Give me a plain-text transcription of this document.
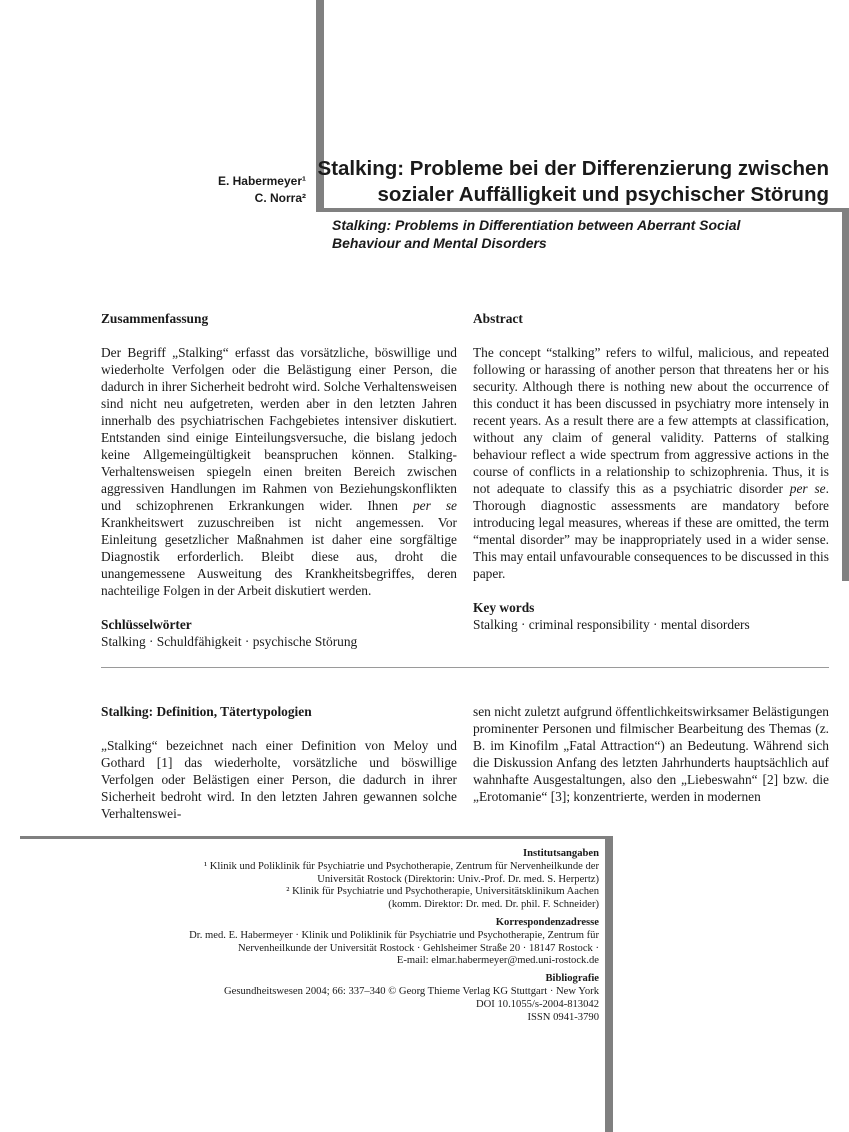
E. Habermeyer¹
C. Norra²
Stalking: Probleme bei der Differenzierung zwischen sozialer Auffälligkeit und psychischer Störung
Stalking: Problems in Differentiation between Aberrant Social Behaviour and Mental Disorders
Zusammenfassung

Der Begriff „Stalking“ erfasst das vorsätzliche, böswillige und wiederholte Verfolgen oder die Belästigung einer Person, die dadurch in ihrer Sicherheit bedroht wird. Solche Verhaltensweisen sind nicht neu aufgetreten, werden aber in den letzten Jahren innerhalb des psychiatrischen Fachgebietes intensiver diskutiert. Entstanden sind einige Einteilungsversuche, die bislang jedoch keine Allgemeingültigkeit beanspruchen können. Stalking-Verhaltensweisen spiegeln einen breiten Bereich zwischen aggressiven Handlungen im Rahmen von Beziehungskonflikten und schizophrenen Erkrankungen wider. Ihnen per se Krankheitswert zuzuschreiben ist nicht angemessen. Vor Einleitung gesetzlicher Maßnahmen ist daher eine sorgfältige Diagnostik erforderlich. Bleibt diese aus, droht die unangemessene Ausweitung des Krankheitsbegriffes, deren nachteilige Folgen in der Arbeit diskutiert werden.

Schlüsselwörter

Stalking · Schuldfähigkeit · psychische Störung

Abstract

The concept “stalking” refers to wilful, malicious, and repeated following or harassing of another person that threatens her or his security. Although there is nothing new about the occurrence of this conduct it has been discussed in psychiatry more intensely in recent years. As a result there are a few attempts at classification, without any claim of general validity. Patterns of stalking behaviour reflect a wide spectrum from aggressive actions in the course of conflicts in a relationship to schizophrenia. Thus, it is not adequate to classify this as a psychiatric disorder per se. Thorough diagnostic assessments are mandatory before introducing legal measures, whereas if these are omitted, the term “mental disorder” may be inappropriately used in a wider sense. This may entail unfavourable consequences to be discussed in this paper.

Key words

Stalking · criminal responsibility · mental disorders

Stalking: Definition, Tätertypologien

„Stalking“ bezeichnet nach einer Definition von Meloy und Gothard [1] das wiederholte, vorsätzliche und böswillige Verfolgen oder Belästigen einer Person, die dadurch in ihrer Sicherheit bedroht wird. In den letzten Jahren gewannen solche Verhaltenswei-

sen nicht zuletzt aufgrund öffentlichkeitswirksamer Belästigungen prominenter Personen und filmischer Bearbeitung des Themas (z. B. im Kinofilm „Fatal Attraction“) an Bedeutung. Während sich die Diskussion Anfang des letzten Jahrhunderts hauptsächlich auf wahnhafte Ausgestaltungen, also den „Liebeswahn“ [2] bzw. die „Erotomanie“ [3]; konzentrierte, werden in modernen

Institutsangaben
¹ Klinik und Poliklinik für Psychiatrie und Psychotherapie, Zentrum für Nervenheilkunde der
Universität Rostock (Direktorin: Univ.-Prof. Dr. med. S. Herpertz)
² Klinik für Psychiatrie und Psychotherapie, Universitätsklinikum Aachen
(komm. Direktor: Dr. med. Dr. phil. F. Schneider)
Korrespondenzadresse
Dr. med. E. Habermeyer · Klinik und Poliklinik für Psychiatrie und Psychotherapie, Zentrum für
Nervenheilkunde der Universität Rostock · Gehlsheimer Straße 20 · 18147 Rostock ·
E-mail: elmar.habermeyer@med.uni-rostock.de
Bibliografie
Gesundheitswesen 2004; 66: 337–340 © Georg Thieme Verlag KG Stuttgart · New York
DOI 10.1055/s-2004-813042
ISSN 0941-3790
